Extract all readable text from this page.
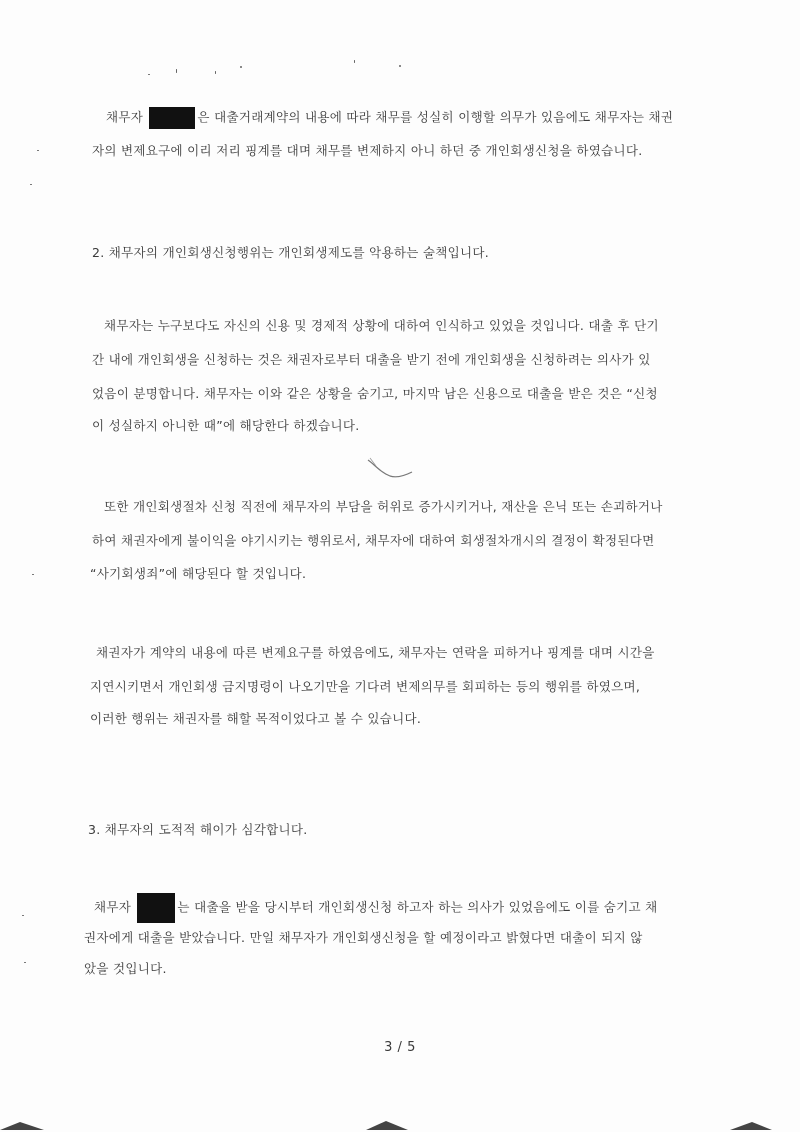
채무자	은 대출거래계약의 내용에 따라 채무를 성실히 이행할 의무가 있음에도 채무자는 채권
자의 변제요구에 이리 저리 핑계를 대며 채무를 변제하지 아니 하던 중 개인회생신청을 하였습니다.
2. 채무자의 개인회생신청행위는 개인회생제도를 악용하는 술책입니다.
채무자는 누구보다도 자신의 신용 및 경제적 상황에 대하여 인식하고 있었을 것입니다. 대출 후 단기
간 내에 개인회생을 신청하는 것은 채권자로부터 대출을 받기 전에 개인회생을 신청하려는 의사가 있
었음이 분명합니다. 채무자는 이와 같은 상황을 숨기고, 마지막 남은 신용으로 대출을 받은 것은 “신청
이 성실하지 아니한 때”에 해당한다 하겠습니다.
또한 개인회생절차 신청 직전에 채무자의 부담을 허위로 증가시키거나, 재산을 은닉 또는 손괴하거나
하여 채권자에게 불이익을 야기시키는 행위로서, 채무자에 대하여 회생절차개시의 결정이 확정된다면
“사기회생죄”에 해당된다 할 것입니다.
채권자가 계약의 내용에 따른 변제요구를 하였음에도, 채무자는 연락을 피하거나 핑계를 대며 시간을
지연시키면서 개인회생 금지명령이 나오기만을 기다려 변제의무를 회피하는 등의 행위를 하였으며,
이러한 행위는 채권자를 해할 목적이었다고 볼 수 있습니다.
3. 채무자의 도적적 해이가 심각합니다.
채무자	는 대출을 받을 당시부터 개인회생신청 하고자 하는 의사가 있었음에도 이를 숨기고 채
권자에게 대출을 받았습니다. 만일 채무자가 개인회생신청을 할 예정이라고 밝혔다면 대출이 되지 않
았을 것입니다.
3 / 5
